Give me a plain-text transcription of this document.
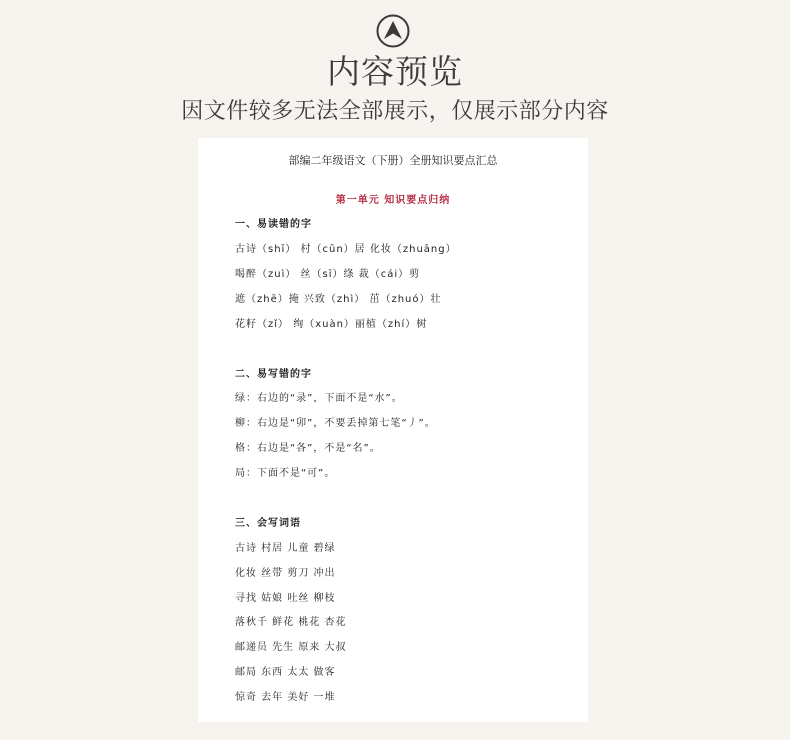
内容预览
因文件较多无法全部展示，仅展示部分内容
部编二年级语文（下册）全册知识要点汇总
第一单元 知识要点归纳
一、易读错的字
古诗（shī） 村（cūn）居 化妆（zhuāng）
喝醉（zuì） 丝（sī）绦 裁（cái）剪
遮（zhē）掩 兴致（zhì） 茁（zhuó）壮
花籽（zǐ） 绚（xuàn）丽植（zhí）树
二、易写错的字
绿：右边的“录”，下面不是“水”。
柳：右边是“卯”，不要丢掉第七笔“丿”。
格：右边是“各”，不是“名”。
局：下面不是“可”。
三、会写词语
古诗 村居 儿童 碧绿
化妆 丝带 剪刀 冲出
寻找 姑娘 吐丝 柳枝
落秋千 鲜花 桃花 杏花
邮递员 先生 原来 大叔
邮局 东西 太太 做客
惊奇 去年 美好 一堆
